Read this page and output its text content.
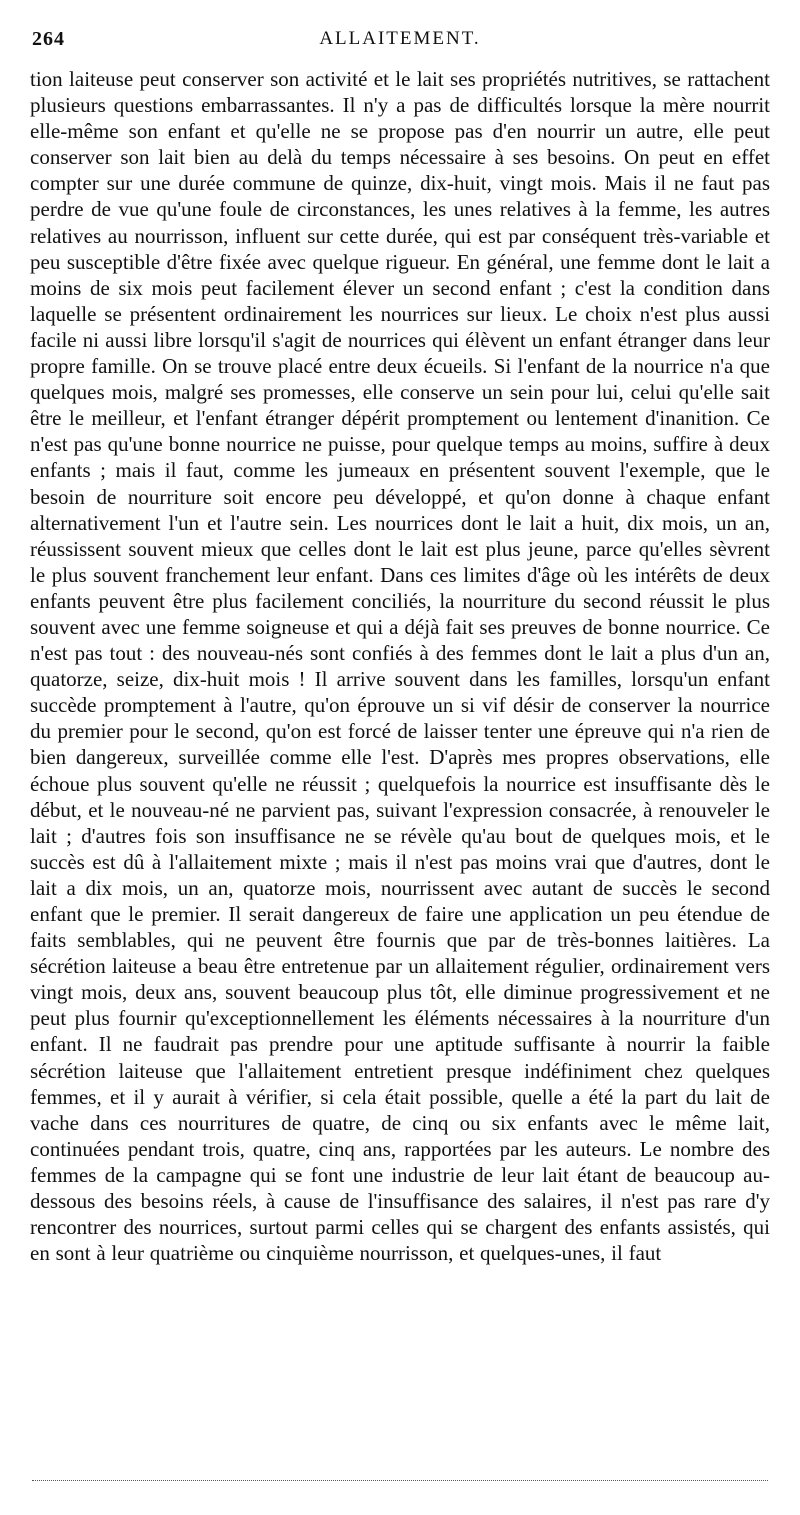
264	ALLAITEMENT.

tion laiteuse peut conserver son activité et le lait ses propriétés nutritives, se rattachent plusieurs questions embarrassantes. Il n'y a pas de difficultés lorsque la mère nourrit elle-même son enfant et qu'elle ne se propose pas d'en nourrir un autre, elle peut conserver son lait bien au delà du temps nécessaire à ses besoins. On peut en effet compter sur une durée commune de quinze, dix-huit, vingt mois. Mais il ne faut pas perdre de vue qu'une foule de circonstances, les unes relatives à la femme, les autres relatives au nourrisson, influent sur cette durée, qui est par conséquent très-variable et peu susceptible d'être fixée avec quelque rigueur. En général, une femme dont le lait a moins de six mois peut facilement élever un second enfant ; c'est la condition dans laquelle se présentent ordinairement les nourrices sur lieux. Le choix n'est plus aussi facile ni aussi libre lorsqu'il s'agit de nourrices qui élèvent un enfant étranger dans leur propre famille. On se trouve placé entre deux écueils. Si l'enfant de la nourrice n'a que quelques mois, malgré ses promesses, elle conserve un sein pour lui, celui qu'elle sait être le meilleur, et l'enfant étranger dépérit promptement ou lentement d'inanition. Ce n'est pas qu'une bonne nourrice ne puisse, pour quelque temps au moins, suffire à deux enfants ; mais il faut, comme les jumeaux en présentent souvent l'exemple, que le besoin de nourriture soit encore peu développé, et qu'on donne à chaque enfant alternativement l'un et l'autre sein. Les nourrices dont le lait a huit, dix mois, un an, réussissent souvent mieux que celles dont le lait est plus jeune, parce qu'elles sèvrent le plus souvent franchement leur enfant. Dans ces limites d'âge où les intérêts de deux enfants peuvent être plus facilement conciliés, la nourriture du second réussit le plus souvent avec une femme soigneuse et qui a déjà fait ses preuves de bonne nourrice. Ce n'est pas tout : des nouveau-nés sont confiés à des femmes dont le lait a plus d'un an, quatorze, seize, dix-huit mois ! Il arrive souvent dans les familles, lorsqu'un enfant succède promptement à l'autre, qu'on éprouve un si vif désir de conserver la nourrice du premier pour le second, qu'on est forcé de laisser tenter une épreuve qui n'a rien de bien dangereux, surveillée comme elle l'est. D'après mes propres observations, elle échoue plus souvent qu'elle ne réussit ; quelquefois la nourrice est insuffisante dès le début, et le nouveau-né ne parvient pas, suivant l'expression consacrée, à renouveler le lait ; d'autres fois son insuffisance ne se révèle qu'au bout de quelques mois, et le succès est dû à l'allaitement mixte ; mais il n'est pas moins vrai que d'autres, dont le lait a dix mois, un an, quatorze mois, nourrissent avec autant de succès le second enfant que le premier. Il serait dangereux de faire une application un peu étendue de faits semblables, qui ne peuvent être fournis que par de très-bonnes laitières. La sécrétion laiteuse a beau être entretenue par un allaitement régulier, ordinairement vers vingt mois, deux ans, souvent beaucoup plus tôt, elle diminue progressivement et ne peut plus fournir qu'exceptionnellement les éléments nécessaires à la nourriture d'un enfant. Il ne faudrait pas prendre pour une aptitude suffisante à nourrir la faible sécrétion laiteuse que l'allaitement entretient presque indéfiniment chez quelques femmes, et il y aurait à vérifier, si cela était possible, quelle a été la part du lait de vache dans ces nourritures de quatre, de cinq ou six enfants avec le même lait, continuées pendant trois, quatre, cinq ans, rapportées par les auteurs. Le nombre des femmes de la campagne qui se font une industrie de leur lait étant de beaucoup au-dessous des besoins réels, à cause de l'insuffisance des salaires, il n'est pas rare d'y rencontrer des nourrices, surtout parmi celles qui se chargent des enfants assistés, qui en sont à leur quatrième ou cinquième nourrisson, et quelques-unes, il faut
